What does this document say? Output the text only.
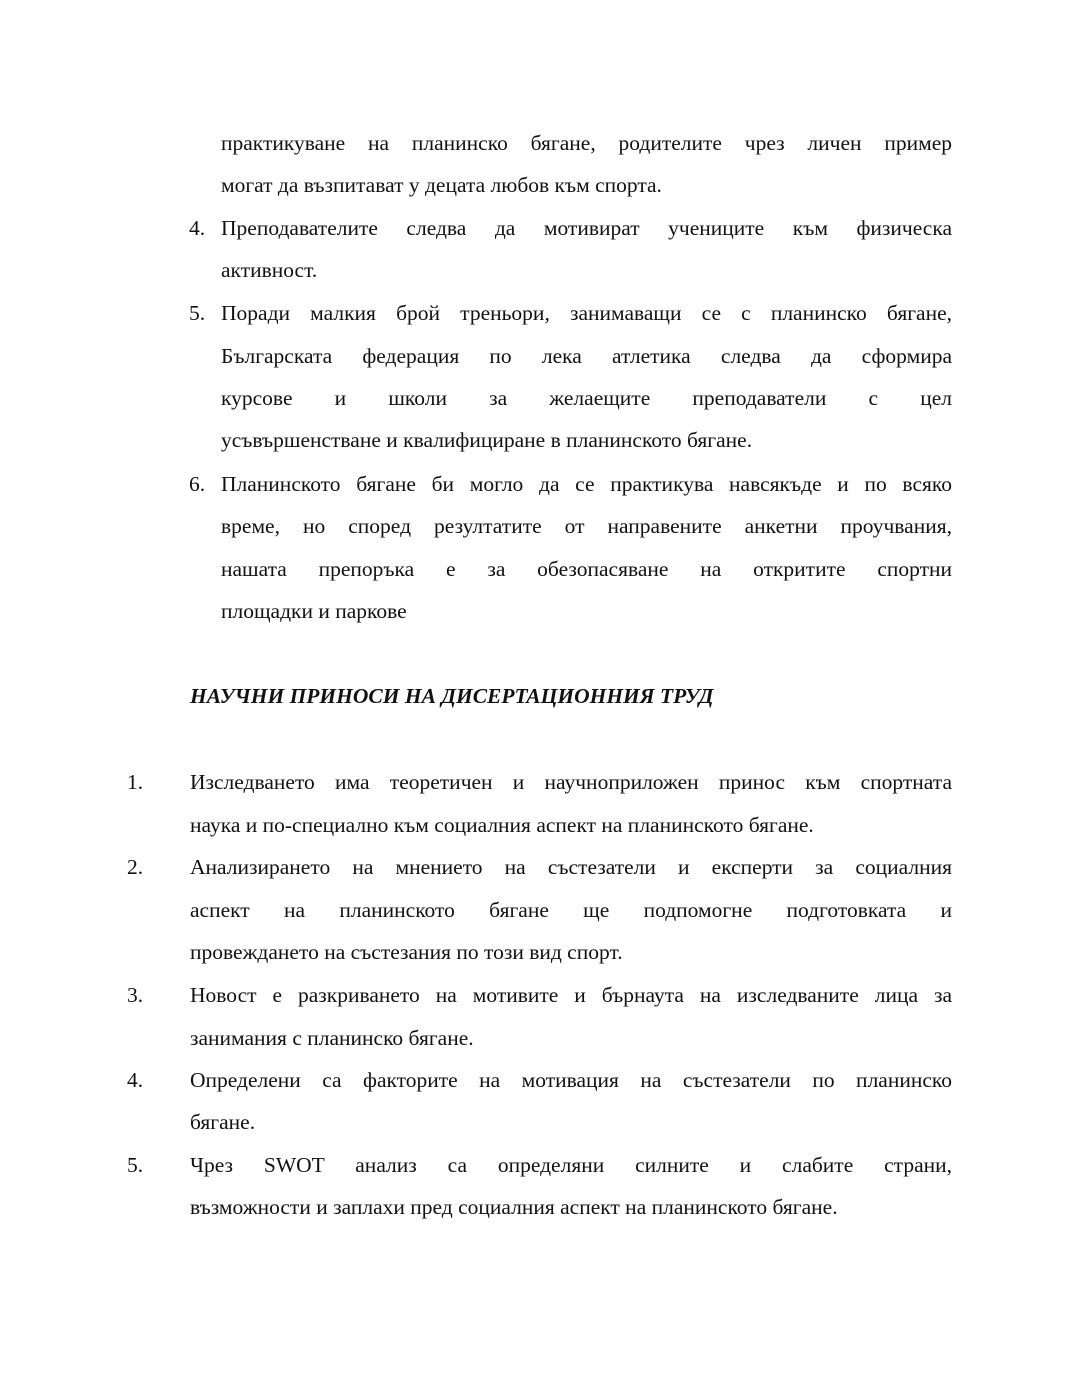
практикуване на планинско бягане, родителите чрез личен пример
могат да възпитават у децата любов към спорта.
4. Преподавателите следва да мотивират учениците към физическа
активност.
5. Поради малкия брой треньори, занимаващи се с планинско бягане,
Българската федерация по лека атлетика следва да сформира
курсове и школи за желаещите преподаватели с цел
усъвършенстване и квалифициране в планинското бягане.
6. Планинското бягане би могло да се практикува навсякъде и по всяко
време, но според резултатите от направените анкетни проучвания,
нашата препоръка е за обезопасяване на откритите спортни
площадки и паркове
НАУЧНИ ПРИНОСИ НА ДИСЕРТАЦИОННИЯ ТРУД
1. Изследването има теоретичен и научноприложен принос към спортната
наука и по-специално към социалния аспект на планинското бягане.
2. Анализирането на мнението на състезатели и експерти за социалния
аспект на планинското бягане ще подпомогне подготовката и
провеждането на състезания по този вид спорт.
3. Новост е разкриването на мотивите и бърнаута на изследваните лица за
занимания с планинско бягане.
4. Определени са факторите на мотивация на състезатели по планинско
бягане.
5. Чрез SWOT анализ са определяни силните и слабите страни,
възможности и заплахи пред социалния аспект на планинското бягане.
